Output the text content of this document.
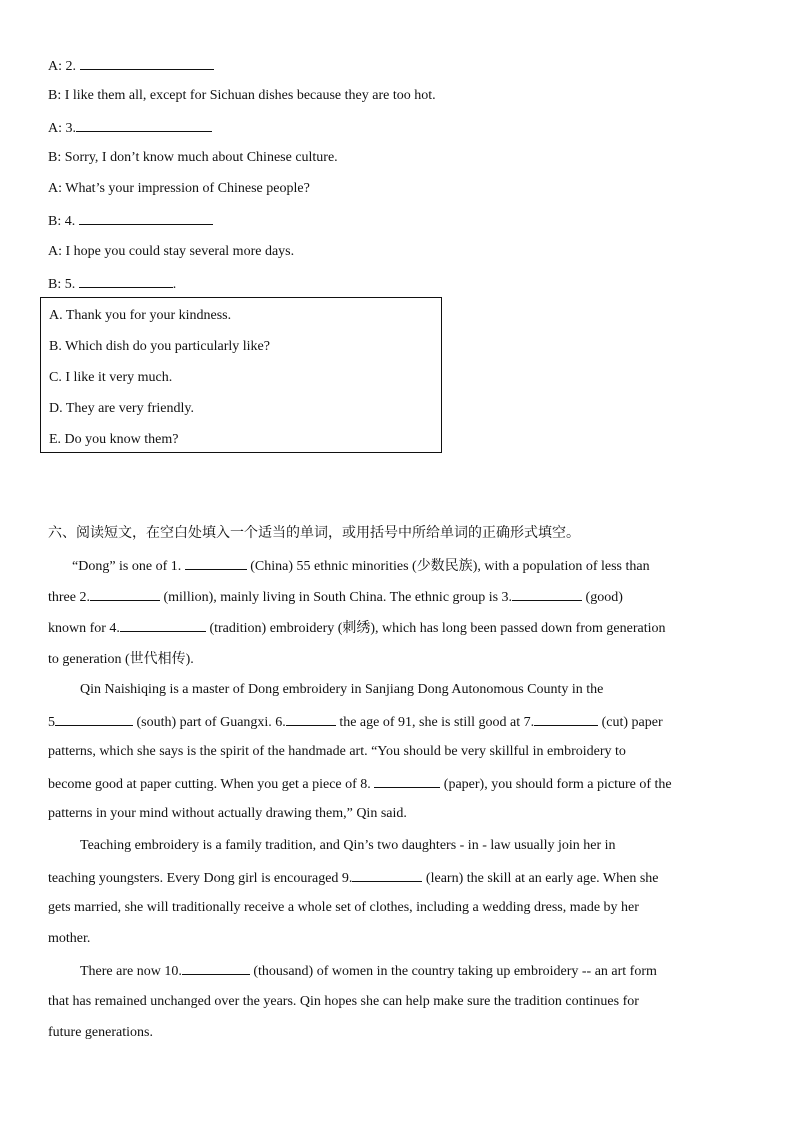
A: 2.
B: I like them all, except for Sichuan dishes because they are too hot.
A: 3.
B: Sorry, I don’t know much about Chinese culture.
A: What’s your impression of Chinese people?
B: 4.
A: I hope you could stay several more days.
B: 5.	.
A. Thank you for your kindness.
B. Which dish do you particularly like?
C. I like it very much.
D. They are very friendly.
E. Do you know them?
六、阅读短文，在空白处填入一个适当的单词，或用括号中所给单词的正确形式填空。
“Dong” is one of 1.	(China) 55 ethnic minorities (少数民族), with a population of less than
three 2.	(million), mainly living in South China. The ethnic group is 3.	(good)
known for 4.	(tradition) embroidery (刺绣), which has long been passed down from generation
to generation (世代相传).
Qin Naishiqing is a master of Dong embroidery in Sanjiang Dong Autonomous County in the
5	(south) part of Guangxi. 6.	the age of 91, she is still good at 7.	(cut) paper
patterns, which she says is the spirit of the handmade art. “You should be very skillful in embroidery to
become good at paper cutting. When you get a piece of 8.	(paper), you should form a picture of the
patterns in your mind without actually drawing them,” Qin said.
Teaching embroidery is a family tradition, and Qin’s two daughters - in - law usually join her in
teaching youngsters. Every Dong girl is encouraged 9.	(learn) the skill at an early age. When she
gets married, she will traditionally receive a whole set of clothes, including a wedding dress, made by her
mother.
There are now 10.	(thousand) of women in the country taking up embroidery -- an art form
that has remained unchanged over the years. Qin hopes she can help make sure the tradition continues for
future generations.
